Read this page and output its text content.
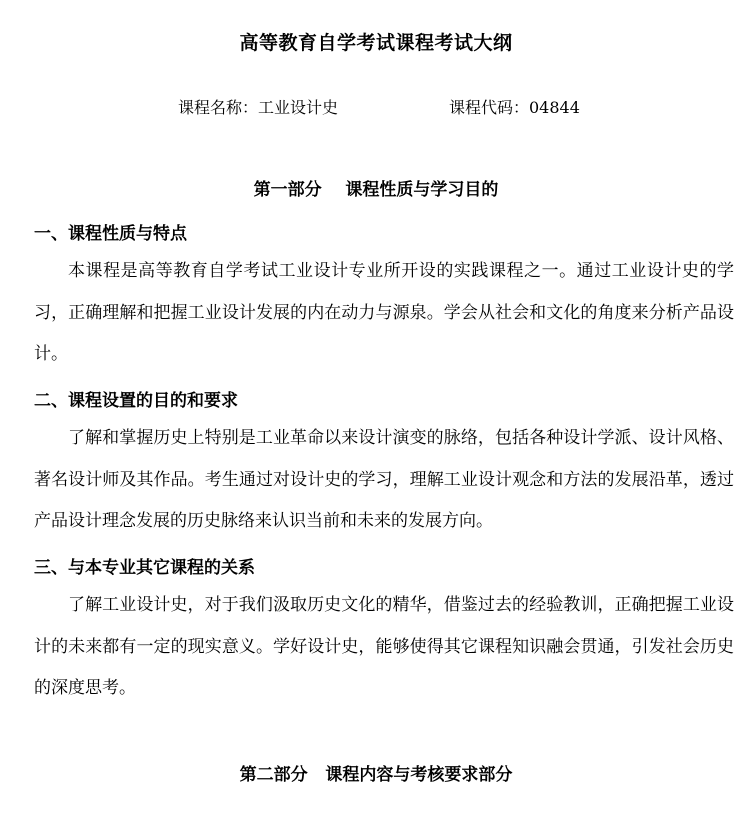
高等教育自学考试课程考试大纲
课程名称：工业设计史	课程代码：04844
第一部分    课程性质与学习目的
一、课程性质与特点
本课程是高等教育自学考试工业设计专业所开设的实践课程之一。通过工业设计史的学习，正确理解和把握工业设计发展的内在动力与源泉。学会从社会和文化的角度来分析产品设计。
二、课程设置的目的和要求
了解和掌握历史上特别是工业革命以来设计演变的脉络，包括各种设计学派、设计风格、著名设计师及其作品。考生通过对设计史的学习，理解工业设计观念和方法的发展沿革，透过产品设计理念发展的历史脉络来认识当前和未来的发展方向。
三、与本专业其它课程的关系
了解工业设计史，对于我们汲取历史文化的精华，借鉴过去的经验教训，正确把握工业设计的未来都有一定的现实意义。学好设计史，能够使得其它课程知识融会贯通，引发社会历史的深度思考。
第二部分   课程内容与考核要求部分
